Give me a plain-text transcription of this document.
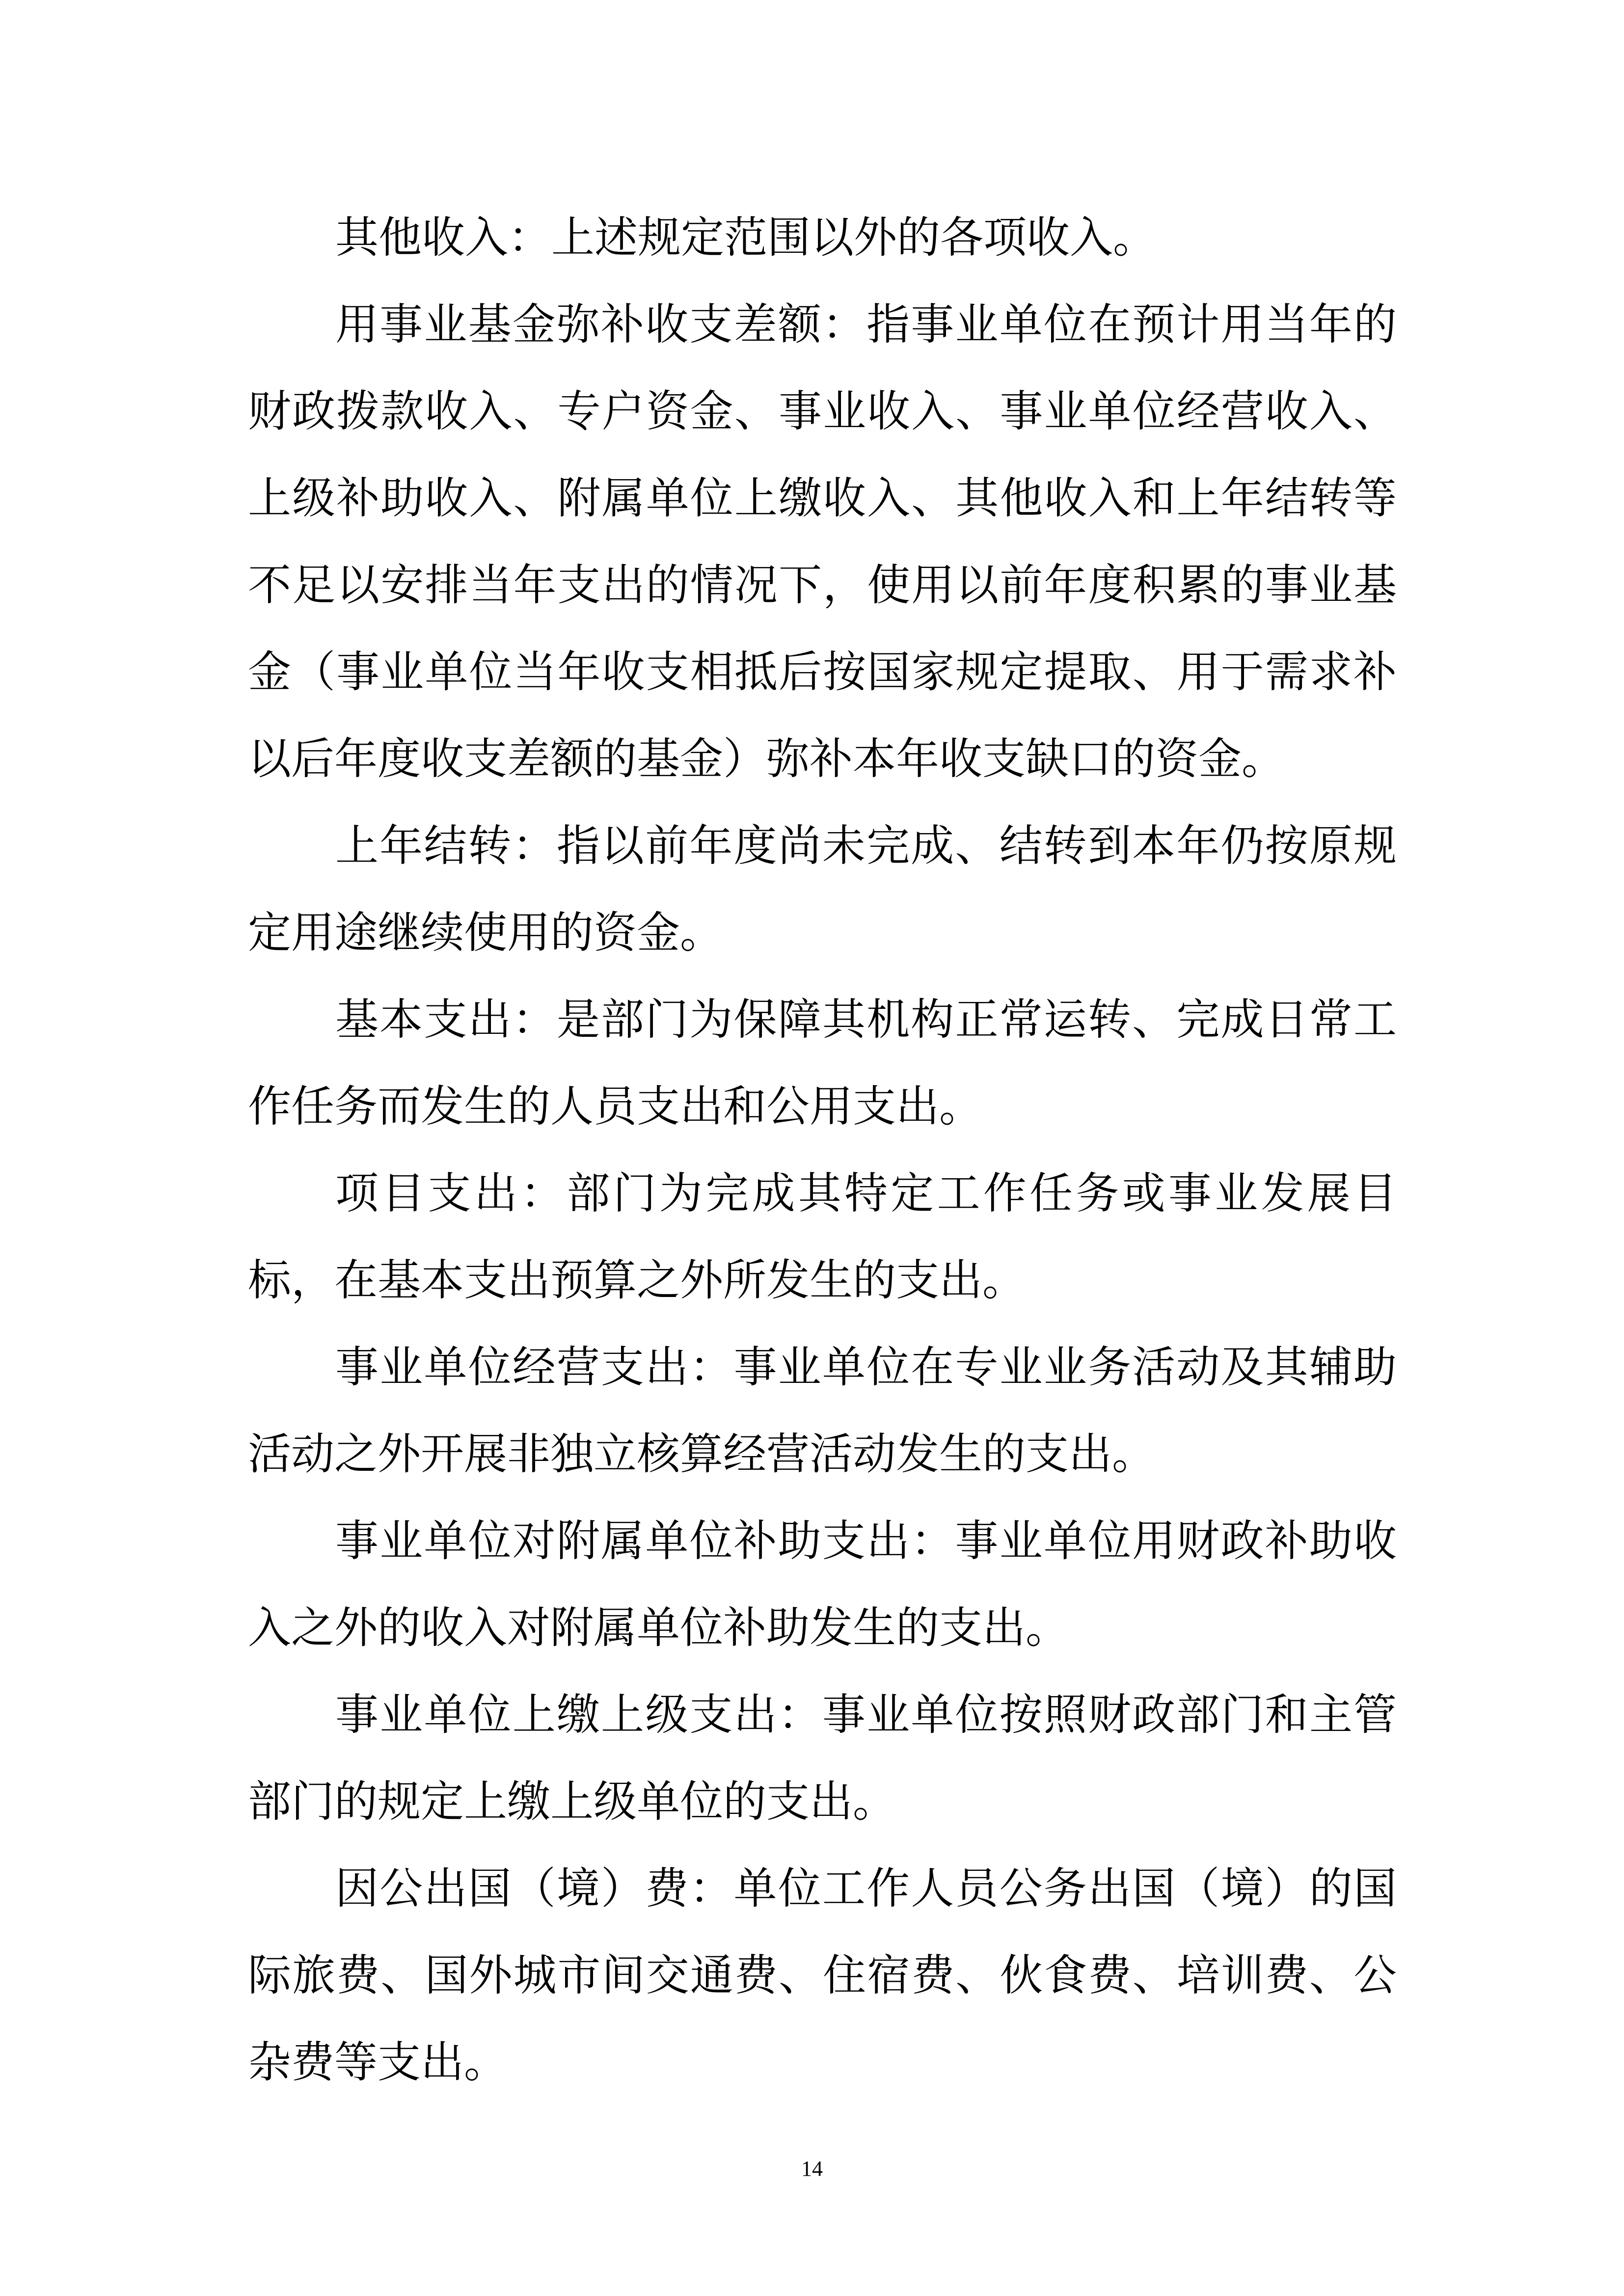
其他收入：上述规定范围以外的各项收入。

用事业基金弥补收支差额：指事业单位在预计用当年的财政拨款收入、专户资金、事业收入、事业单位经营收入、上级补助收入、附属单位上缴收入、其他收入和上年结转等不足以安排当年支出的情况下，使用以前年度积累的事业基金（事业单位当年收支相抵后按国家规定提取、用于需求补以后年度收支差额的基金）弥补本年收支缺口的资金。

上年结转：指以前年度尚未完成、结转到本年仍按原规定用途继续使用的资金。

基本支出：是部门为保障其机构正常运转、完成日常工作任务而发生的人员支出和公用支出。

项目支出：部门为完成其特定工作任务或事业发展目标，在基本支出预算之外所发生的支出。

事业单位经营支出：事业单位在专业业务活动及其辅助活动之外开展非独立核算经营活动发生的支出。

事业单位对附属单位补助支出：事业单位用财政补助收入之外的收入对附属单位补助发生的支出。

事业单位上缴上级支出：事业单位按照财政部门和主管部门的规定上缴上级单位的支出。

因公出国（境）费：单位工作人员公务出国（境）的国际旅费、国外城市间交通费、住宿费、伙食费、培训费、公杂费等支出。

14
